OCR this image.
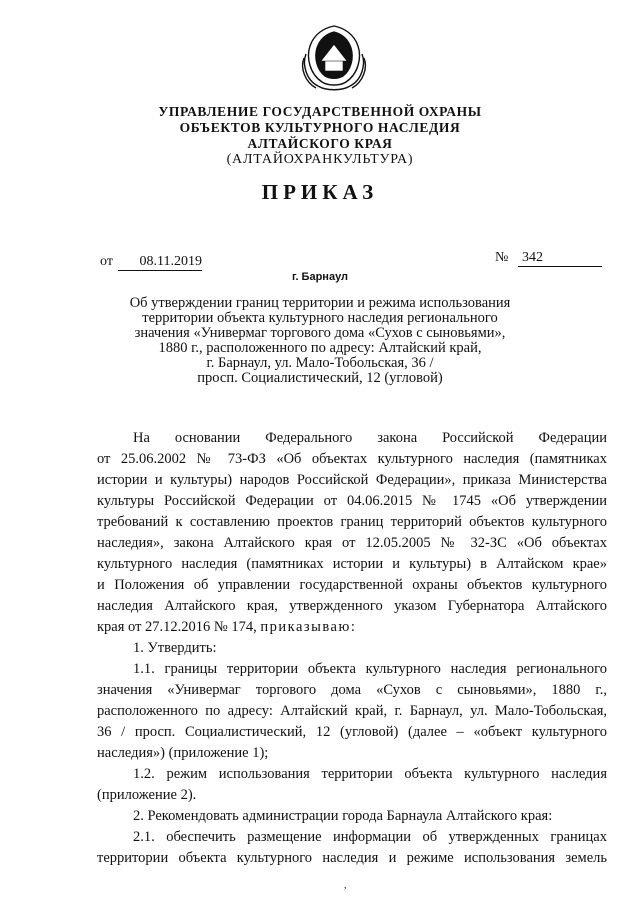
УПРАВЛЕНИЕ ГОСУДАРСТВЕННОЙ ОХРАНЫ
ОБЪЕКТОВ КУЛЬТУРНОГО НАСЛЕДИЯ
АЛТАЙСКОГО КРАЯ
(АЛТАЙОХРАНКУЛЬТУРА)
ПРИКАЗ
от	08.11.2019	№ 342
г. Барнаул
Об утверждении границ территории и режима использования
территории объекта культурного наследия регионального
значения «Универмаг торгового дома «Сухов с сыновьями»,
1880 г., расположенного по адресу: Алтайский край,
г. Барнаул, ул. Мало-Тобольская, 36 /
просп. Социалистический, 12 (угловой)
На основании Федерального закона Российской Федерации
от 25.06.2002 № 73-ФЗ «Об объектах культурного наследия (памятниках
истории и культуры) народов Российской Федерации», приказа Министерства
культуры Российской Федерации от 04.06.2015 № 1745 «Об утверждении
требований к составлению проектов границ территорий объектов культурного
наследия», закона Алтайского края от 12.05.2005 № 32-ЗС «Об объектах
культурного наследия (памятниках истории и культуры) в Алтайском крае»
и Положения об управлении государственной охраны объектов культурного
наследия Алтайского края, утвержденного указом Губернатора Алтайского
края от 27.12.2016 № 174, приказываю:
1. Утвердить:
1.1. границы территории объекта культурного наследия регионального
значения «Универмаг торгового дома «Сухов с сыновьями», 1880 г.,
расположенного по адресу: Алтайский край, г. Барнаул, ул. Мало-Тобольская,
36 / просп. Социалистический, 12 (угловой) (далее – «объект культурного
наследия») (приложение 1);
1.2. режим использования территории объекта культурного наследия
(приложение 2).
2. Рекомендовать администрации города Барнаула Алтайского края:
2.1. обеспечить размещение информации об утвержденных границах
территории объекта культурного наследия и режиме использования земель
,
